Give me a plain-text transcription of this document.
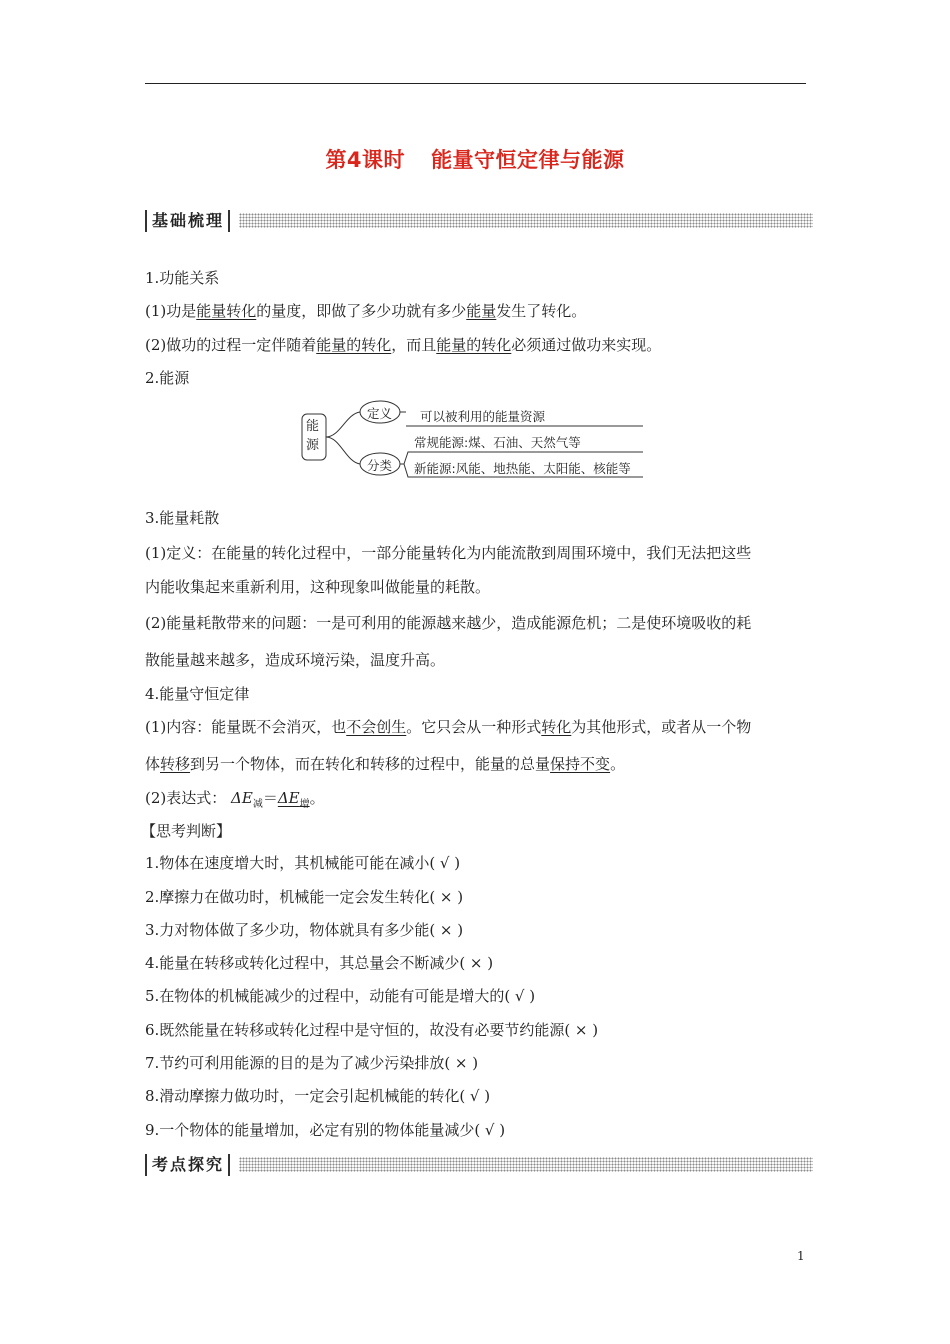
第4课时 能量守恒定律与能源
基础梳理
1.功能关系
(1)功是能量转化的量度，即做了多少功就有多少能量发生了转化。
(2)做功的过程一定伴随着能量的转化，而且能量的转化必须通过做功来实现。
2.能源
能源
定义 可以被利用的能量资源
分类
常规能源:煤、石油、天然气等
新能源:风能、地热能、太阳能、核能等
3.能量耗散
(1)定义：在能量的转化过程中，一部分能量转化为内能流散到周围环境中，我们无法把这些
内能收集起来重新利用，这种现象叫做能量的耗散。
(2)能量耗散带来的问题：一是可利用的能源越来越少，造成能源危机；二是使环境吸收的耗
散能量越来越多，造成环境污染，温度升高。
4.能量守恒定律
(1)内容：能量既不会消灭，也不会创生。它只会从一种形式转化为其他形式，或者从一个物
体转移到另一个物体，而在转化和转移的过程中，能量的总量保持不变。
(2)表达式： $\Delta E_减=\Delta E_增$。
【思考判断】
1.物体在速度增大时，其机械能可能在减小( √ )
2.摩擦力在做功时，机械能一定会发生转化( × )
3.力对物体做了多少功，物体就具有多少能( × )
4.能量在转移或转化过程中，其总量会不断减少( × )
5.在物体的机械能减少的过程中，动能有可能是增大的( √ )
6.既然能量在转移或转化过程中是守恒的，故没有必要节约能源( × )
7.节约可利用能源的目的是为了减少污染排放( × )
8.滑动摩擦力做功时，一定会引起机械能的转化( √ )
9.一个物体的能量增加，必定有别的物体能量减少( √ )
考点探究
1
